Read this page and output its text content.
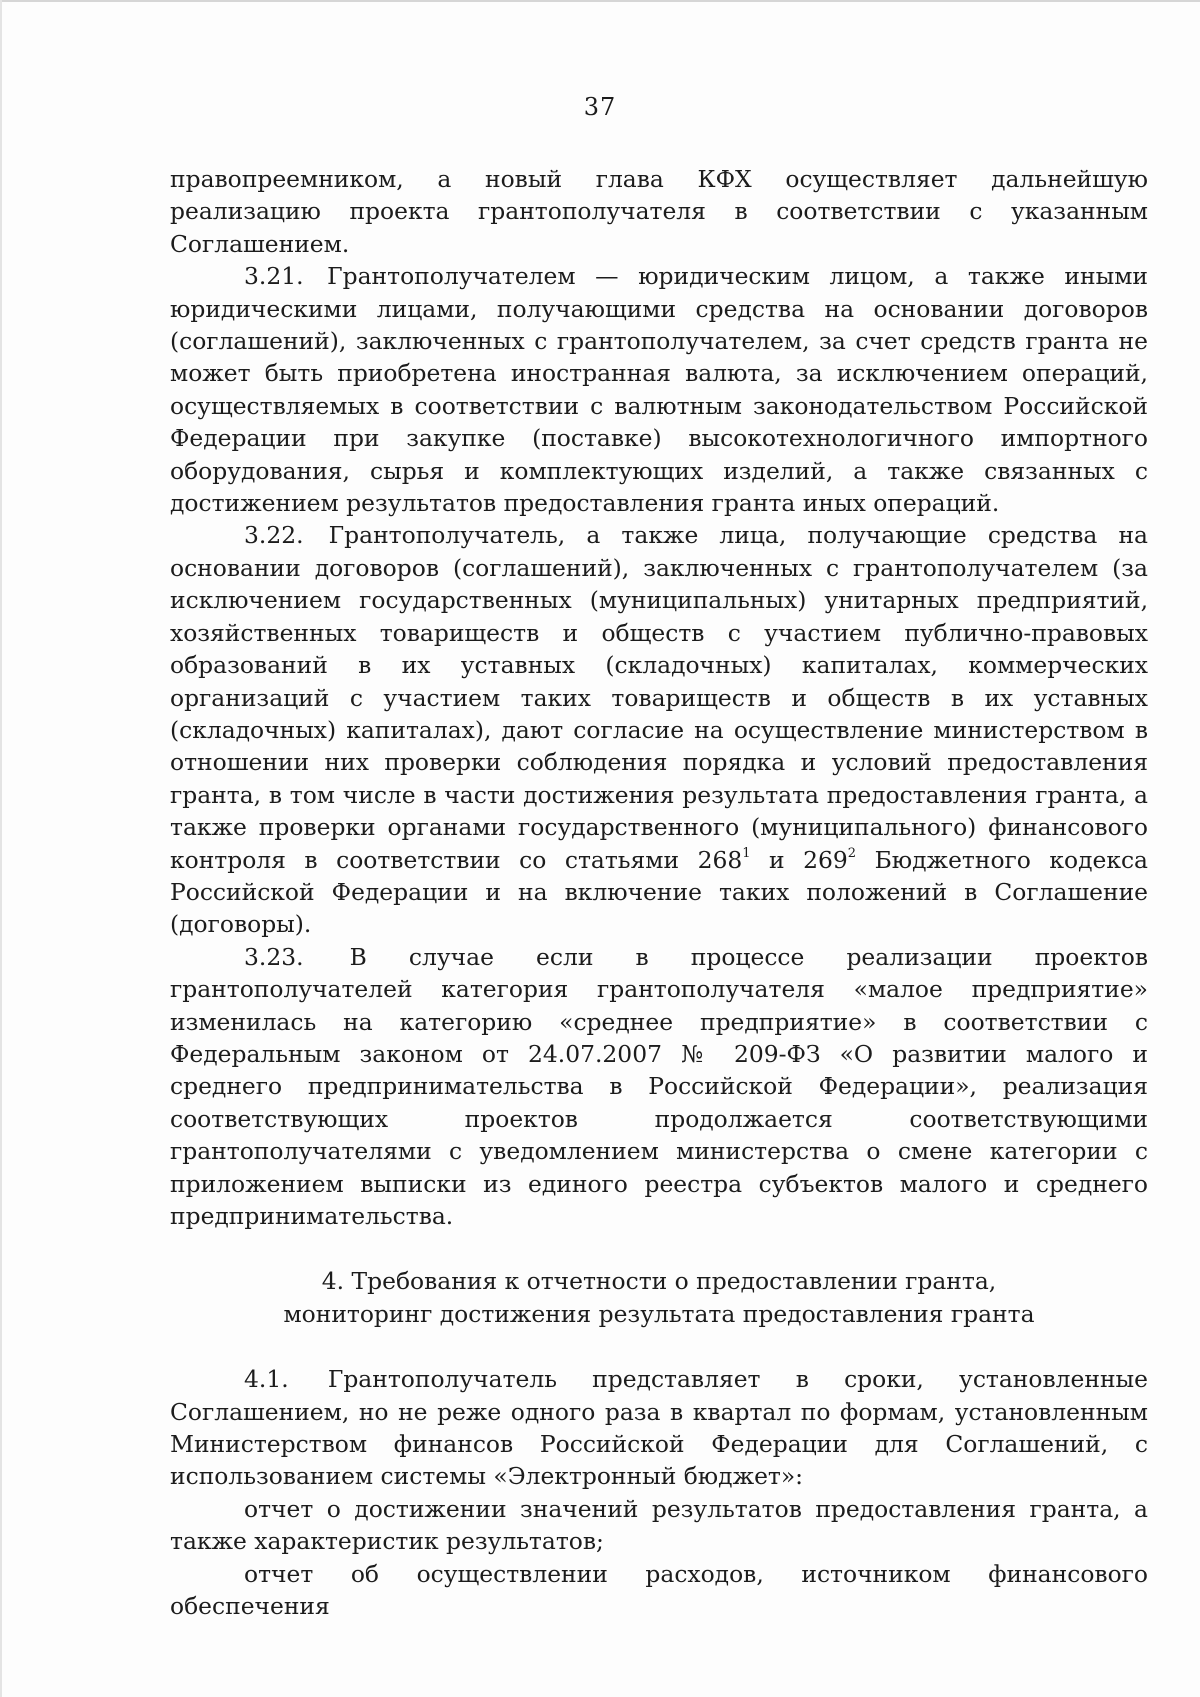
37

правопреемником, а новый глава КФХ осуществляет дальнейшую реализацию проекта грантополучателя в соответствии с указанным Соглашением.

3.21. Грантополучателем — юридическим лицом, а также иными юридическими лицами, получающими средства на основании договоров (соглашений), заключенных с грантополучателем, за счет средств гранта не может быть приобретена иностранная валюта, за исключением операций, осуществляемых в соответствии с валютным законодательством Российской Федерации при закупке (поставке) высокотехнологичного импортного оборудования, сырья и комплектующих изделий, а также связанных с достижением результатов предоставления гранта иных операций.

3.22. Грантополучатель, а также лица, получающие средства на основании договоров (соглашений), заключенных с грантополучателем (за исключением государственных (муниципальных) унитарных предприятий, хозяйственных товариществ и обществ с участием публично-правовых образований в их уставных (складочных) капиталах, коммерческих организаций с участием таких товариществ и обществ в их уставных (складочных) капиталах), дают согласие на осуществление министерством в отношении них проверки соблюдения порядка и условий предоставления гранта, в том числе в части достижения результата предоставления гранта, а также проверки органами государственного (муниципального) финансового контроля в соответствии со статьями $268^1$ и $269^2$ Бюджетного кодекса Российской Федерации и на включение таких положений в Соглашение (договоры).

3.23. В случае если в процессе реализации проектов грантополучателей категория грантополучателя «малое предприятие» изменилась на категорию «среднее предприятие» в соответствии с Федеральным законом от 24.07.2007 № 209-ФЗ «О развитии малого и среднего предпринимательства в Российской Федерации», реализация соответствующих проектов продолжается соответствующими грантополучателями с уведомлением министерства о смене категории с приложением выписки из единого реестра субъектов малого и среднего предпринимательства.

4. Требования к отчетности о предоставлении гранта,

мониторинг достижения результата предоставления гранта

4.1. Грантополучатель представляет в сроки, установленные Соглашением, но не реже одного раза в квартал по формам, установленным Министерством финансов Российской Федерации для Соглашений, с использованием системы «Электронный бюджет»:

отчет о достижении значений результатов предоставления гранта, а также характеристик результатов;

отчет об осуществлении расходов, источником финансового обеспечения
